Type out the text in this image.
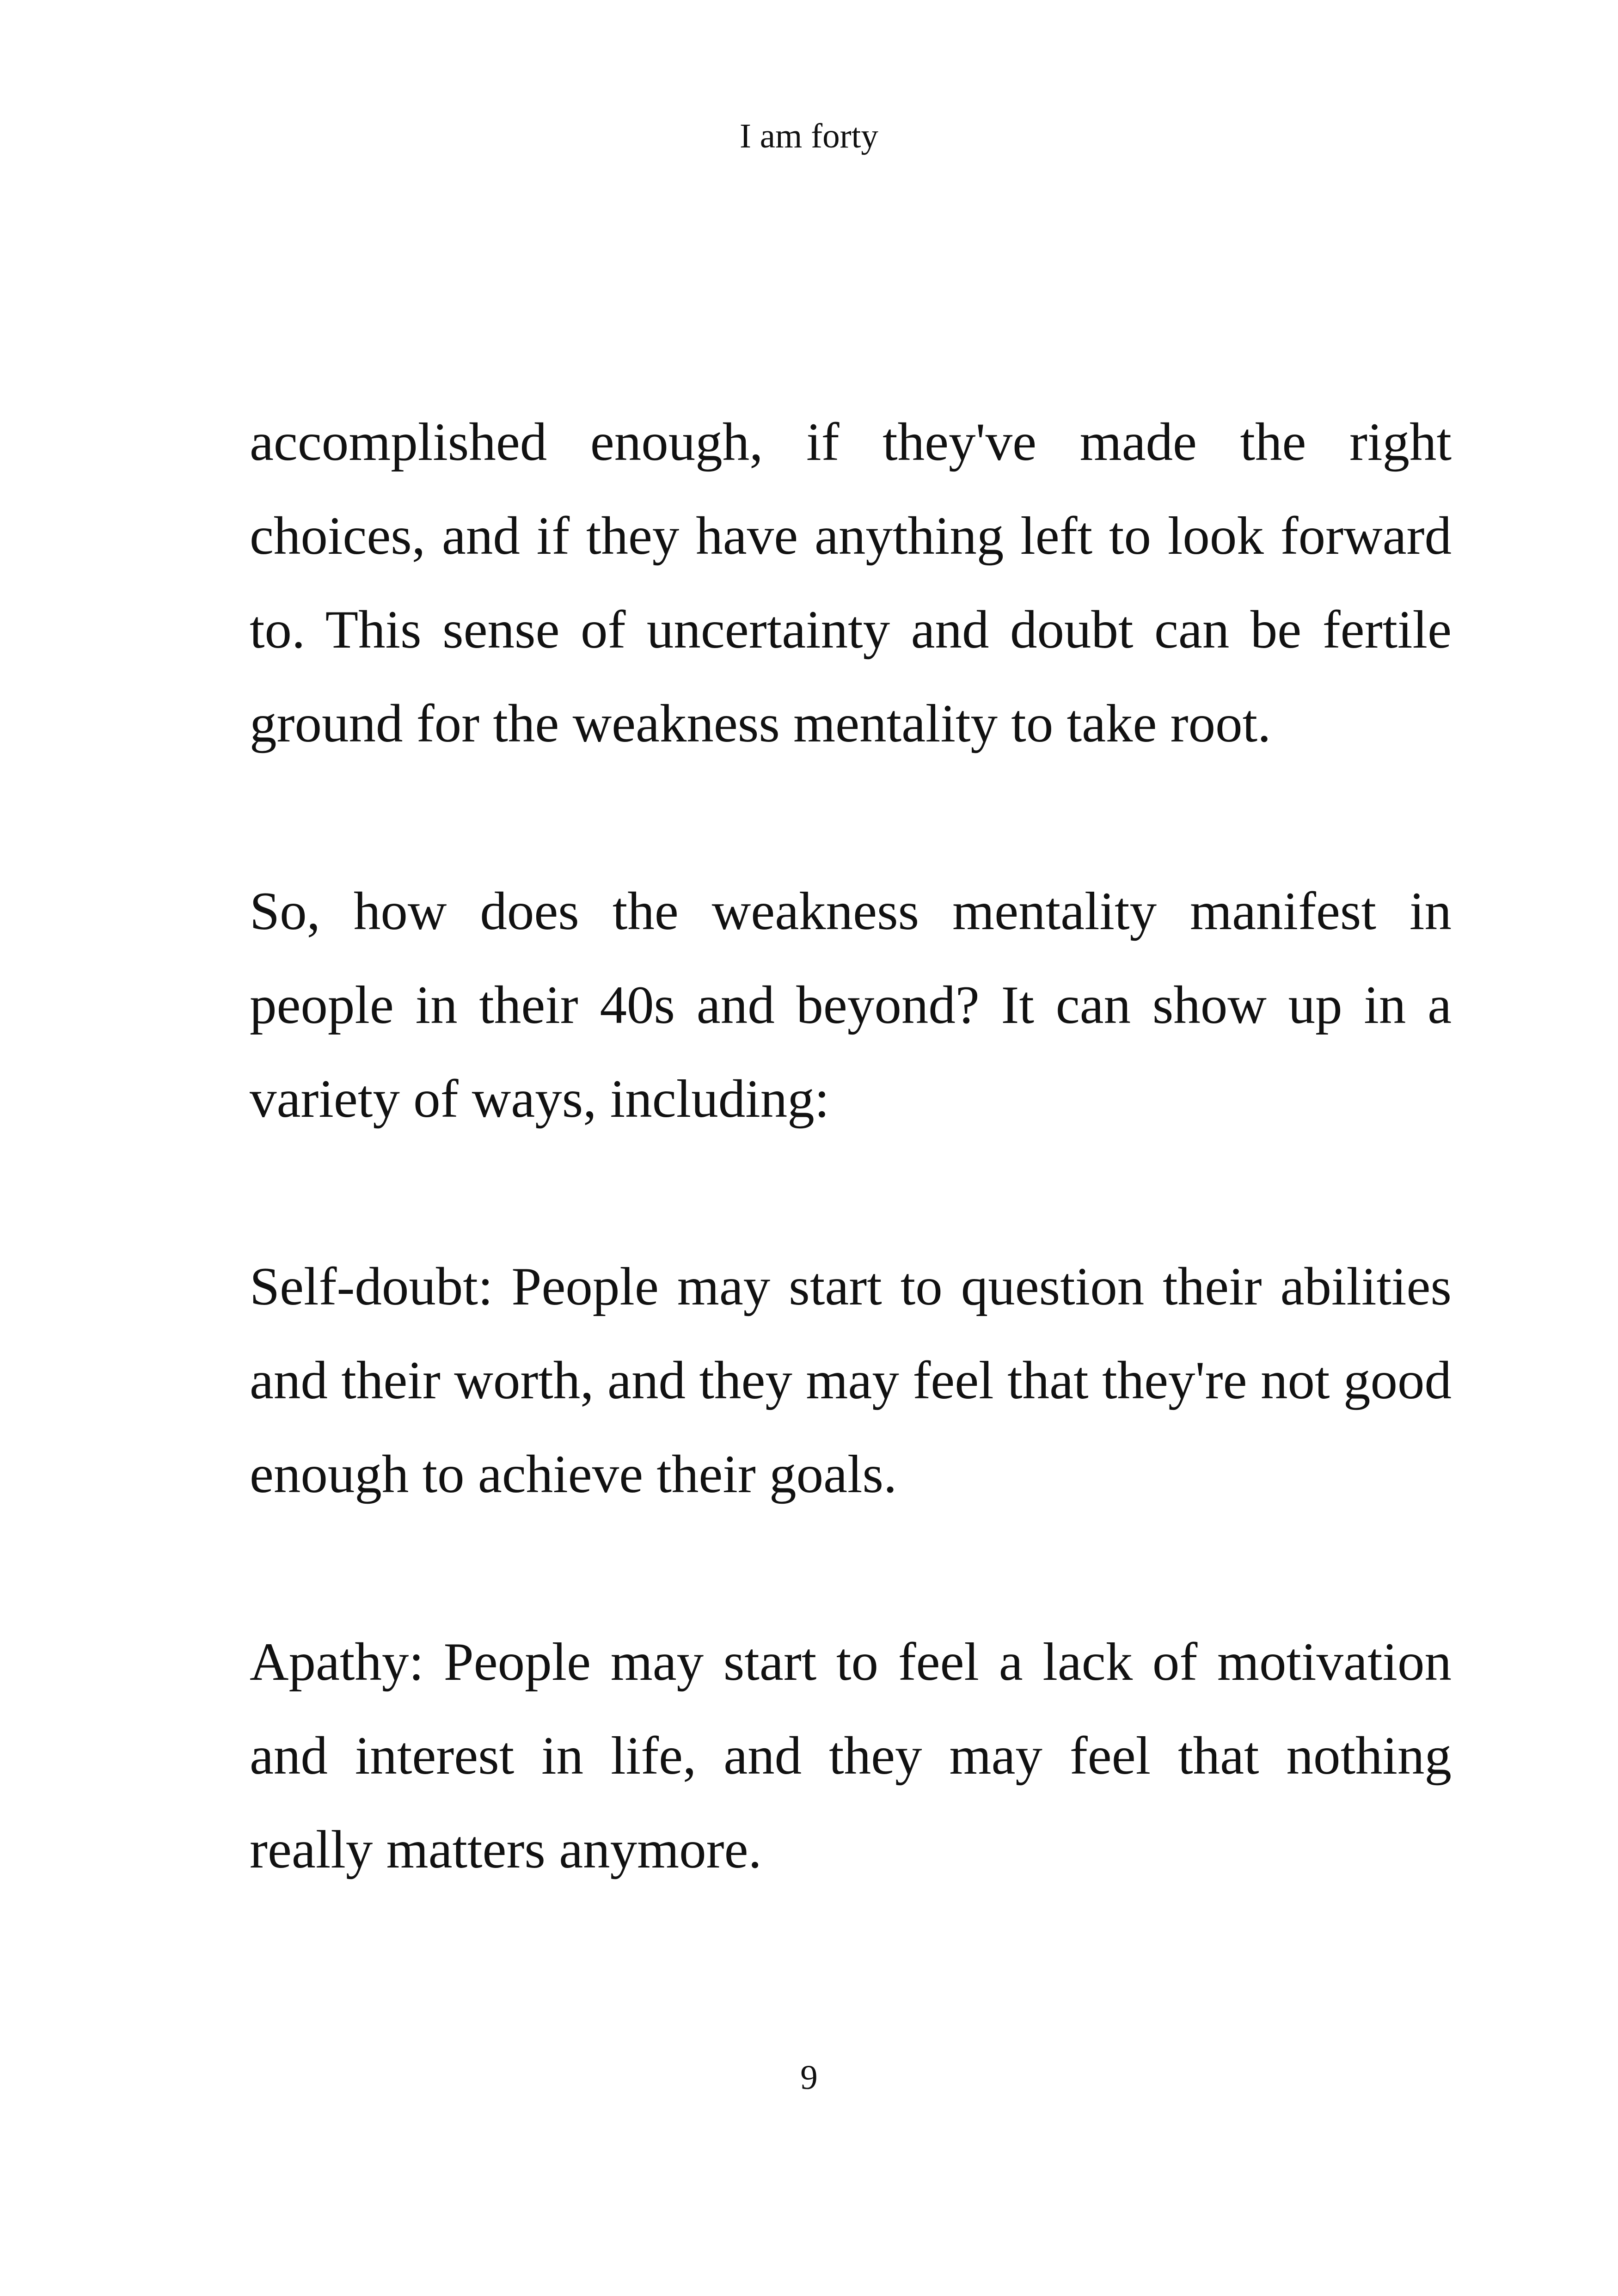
I am forty

accomplished enough, if they've made the right choices, and if they have anything left to look forward to. This sense of uncertainty and doubt can be fertile ground for the weakness mentality to take root.

So, how does the weakness mentality manifest in people in their 40s and beyond? It can show up in a variety of ways, including:

Self-doubt: People may start to question their abilities and their worth, and they may feel that they're not good enough to achieve their goals.

Apathy: People may start to feel a lack of motivation and interest in life, and they may feel that nothing really matters anymore.

9
